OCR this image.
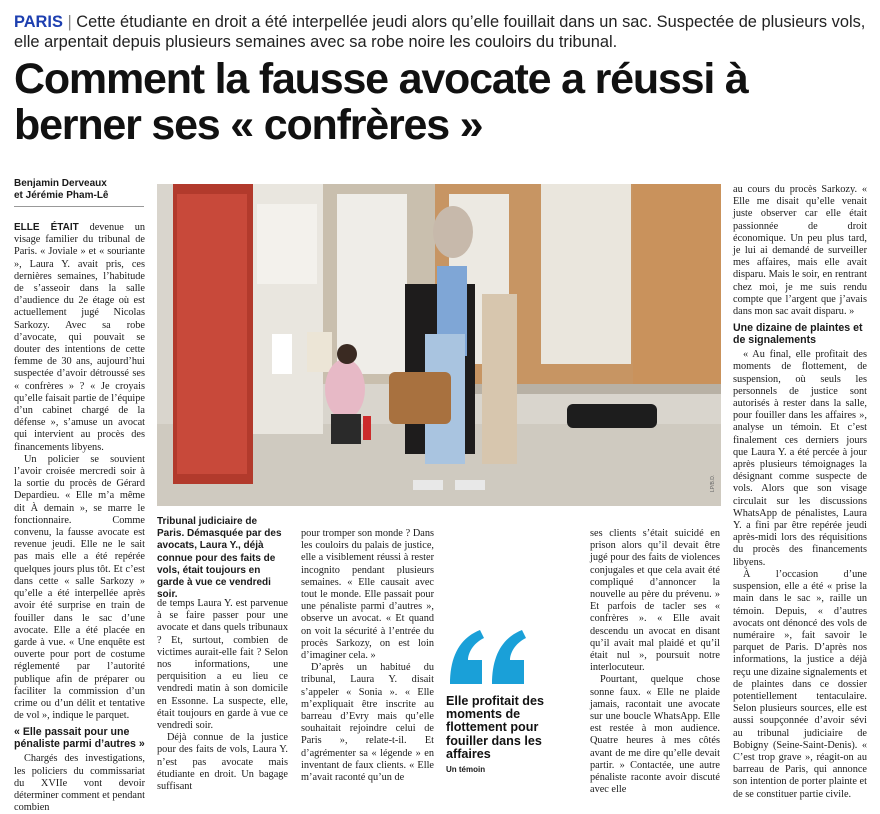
PARIS | Cette étudiante en droit a été interpellée jeudi alors qu’elle fouillait dans un sac. Suspectée de plusieurs vols, elle arpentait depuis plusieurs semaines avec sa robe noire les couloirs du tribunal.
Comment la fausse avocate a réussi à berner ses « confrères »
Benjamin Derveaux
et Jérémie Pham-Lê

ELLE ÉTAIT devenue un visage familier du tribunal de Paris. « Joviale » et « souriante », Laura Y. avait pris, ces dernières semaines, l’habitude de s’asseoir dans la salle d’audience du 2e étage où est actuellement jugé Nicolas Sarkozy. Avec sa robe d’avocate, qui pouvait se douter des intentions de cette femme de 30 ans, aujourd’hui suspectée d’avoir détroussé ses « confrères » ? « Je croyais qu’elle faisait partie de l’équipe d’un cabinet chargé de la défense », s’amuse un avocat qui intervient au procès des financements libyens.

Un policier se souvient l’avoir croisée mercredi soir à la sortie du procès de Gérard Depardieu. « Elle m’a même dit À demain », se marre le fonctionnaire. Comme convenu, la fausse avocate est revenue jeudi. Elle ne le sait pas mais elle a été repérée quelques jours plus tôt. Et c’est dans cette « salle Sarkozy » qu’elle a été interpellée après avoir été surprise en train de fouiller dans le sac d’une avocate. Elle a été placée en garde à vue. « Une enquête est ouverte pour port de costume réglementé par l’autorité publique afin de préparer ou faciliter la commission d’un crime ou d’un délit et tentative de vol », indique le parquet.

« Elle passait pour une pénaliste parmi d’autres »

Chargés des investigations, les policiers du commissariat du XVIIe vont devoir déterminer comment et pendant combien

LP/B.D.
Tribunal judiciaire de Paris. Démasquée par des avocats, Laura Y., déjà connue pour des faits de vols, était toujours en garde à vue ce vendredi soir.

de temps Laura Y. est parvenue à se faire passer pour une avocate et dans quels tribunaux ? Et, surtout, combien de victimes aurait-elle fait ? Selon nos informations, une perquisition a eu lieu ce vendredi matin à son domicile en Essonne. La suspecte, elle, était toujours en garde à vue ce vendredi soir.

Déjà connue de la justice pour des faits de vols, Laura Y. n’est pas avocate mais étudiante en droit. Un bagage suffisant

pour tromper son monde ? Dans les couloirs du palais de justice, elle a visiblement réussi à rester incognito pendant plusieurs semaines. « Elle causait avec tout le monde. Elle passait pour une pénaliste parmi d’autres », observe un avocat. « Et quand on voit la sécurité à l’entrée du procès Sarkozy, on est loin d’imaginer cela. »

D’après un habitué du tribunal, Laura Y. disait s’appeler « Sonia ». « Elle m’expliquait être inscrite au barreau d’Evry mais qu’elle souhaitait rejoindre celui de Paris », relate-t-il. Et d’agrémenter sa « légende » en inventant de faux clients. « Elle m’avait raconté qu’un de

Elle profitait des moments de flottement pour fouiller dans les affaires
Un témoin

ses clients s’était suicidé en prison alors qu’il devait être jugé pour des faits de violences conjugales et que cela avait été compliqué d’annoncer la nouvelle au père du prévenu. » Et parfois de tacler ses « confrères ». « Elle avait descendu un avocat en disant qu’il avait mal plaidé et qu’il était nul », poursuit notre interlocuteur.

Pourtant, quelque chose sonne faux. « Elle ne plaide jamais, racontait une avocate sur une boucle WhatsApp. Elle est restée à mon audience. Quatre heures à mes côtés avant de me dire qu’elle devait partir. » Contactée, une autre pénaliste raconte avoir discuté avec elle

au cours du procès Sarkozy. « Elle me disait qu’elle venait juste observer car elle était passionnée de droit économique. Un peu plus tard, je lui ai demandé de surveiller mes affaires, mais elle avait disparu. Mais le soir, en rentrant chez moi, je me suis rendu compte que l’argent que j’avais dans mon sac avait disparu. »

Une dizaine de plaintes et de signalements

« Au final, elle profitait des moments de flottement, de suspension, où seuls les personnels de justice sont autorisés à rester dans la salle, pour fouiller dans les affaires », analyse un témoin. Et c’est finalement ces derniers jours que Laura Y. a été percée à jour après plusieurs témoignages la désignant comme suspecte de vols. Alors que son visage circulait sur les discussions WhatsApp de pénalistes, Laura Y. a fini par être repérée jeudi après-midi lors des réquisitions du procès des financements libyens.

À l’occasion d’une suspension, elle a été « prise la main dans le sac », raille un témoin. Depuis, « d’autres avocats ont dénoncé des vols de numéraire », fait savoir le parquet de Paris. D’après nos informations, la justice a déjà reçu une dizaine signalements et de plaintes dans ce dossier potentiellement tentaculaire. Selon plusieurs sources, elle est aussi soupçonnée d’avoir sévi au tribunal judiciaire de Bobigny (Seine-Saint-Denis). « C’est trop grave », réagit-on au barreau de Paris, qui annonce son intention de porter plainte et de se constituer partie civile.
